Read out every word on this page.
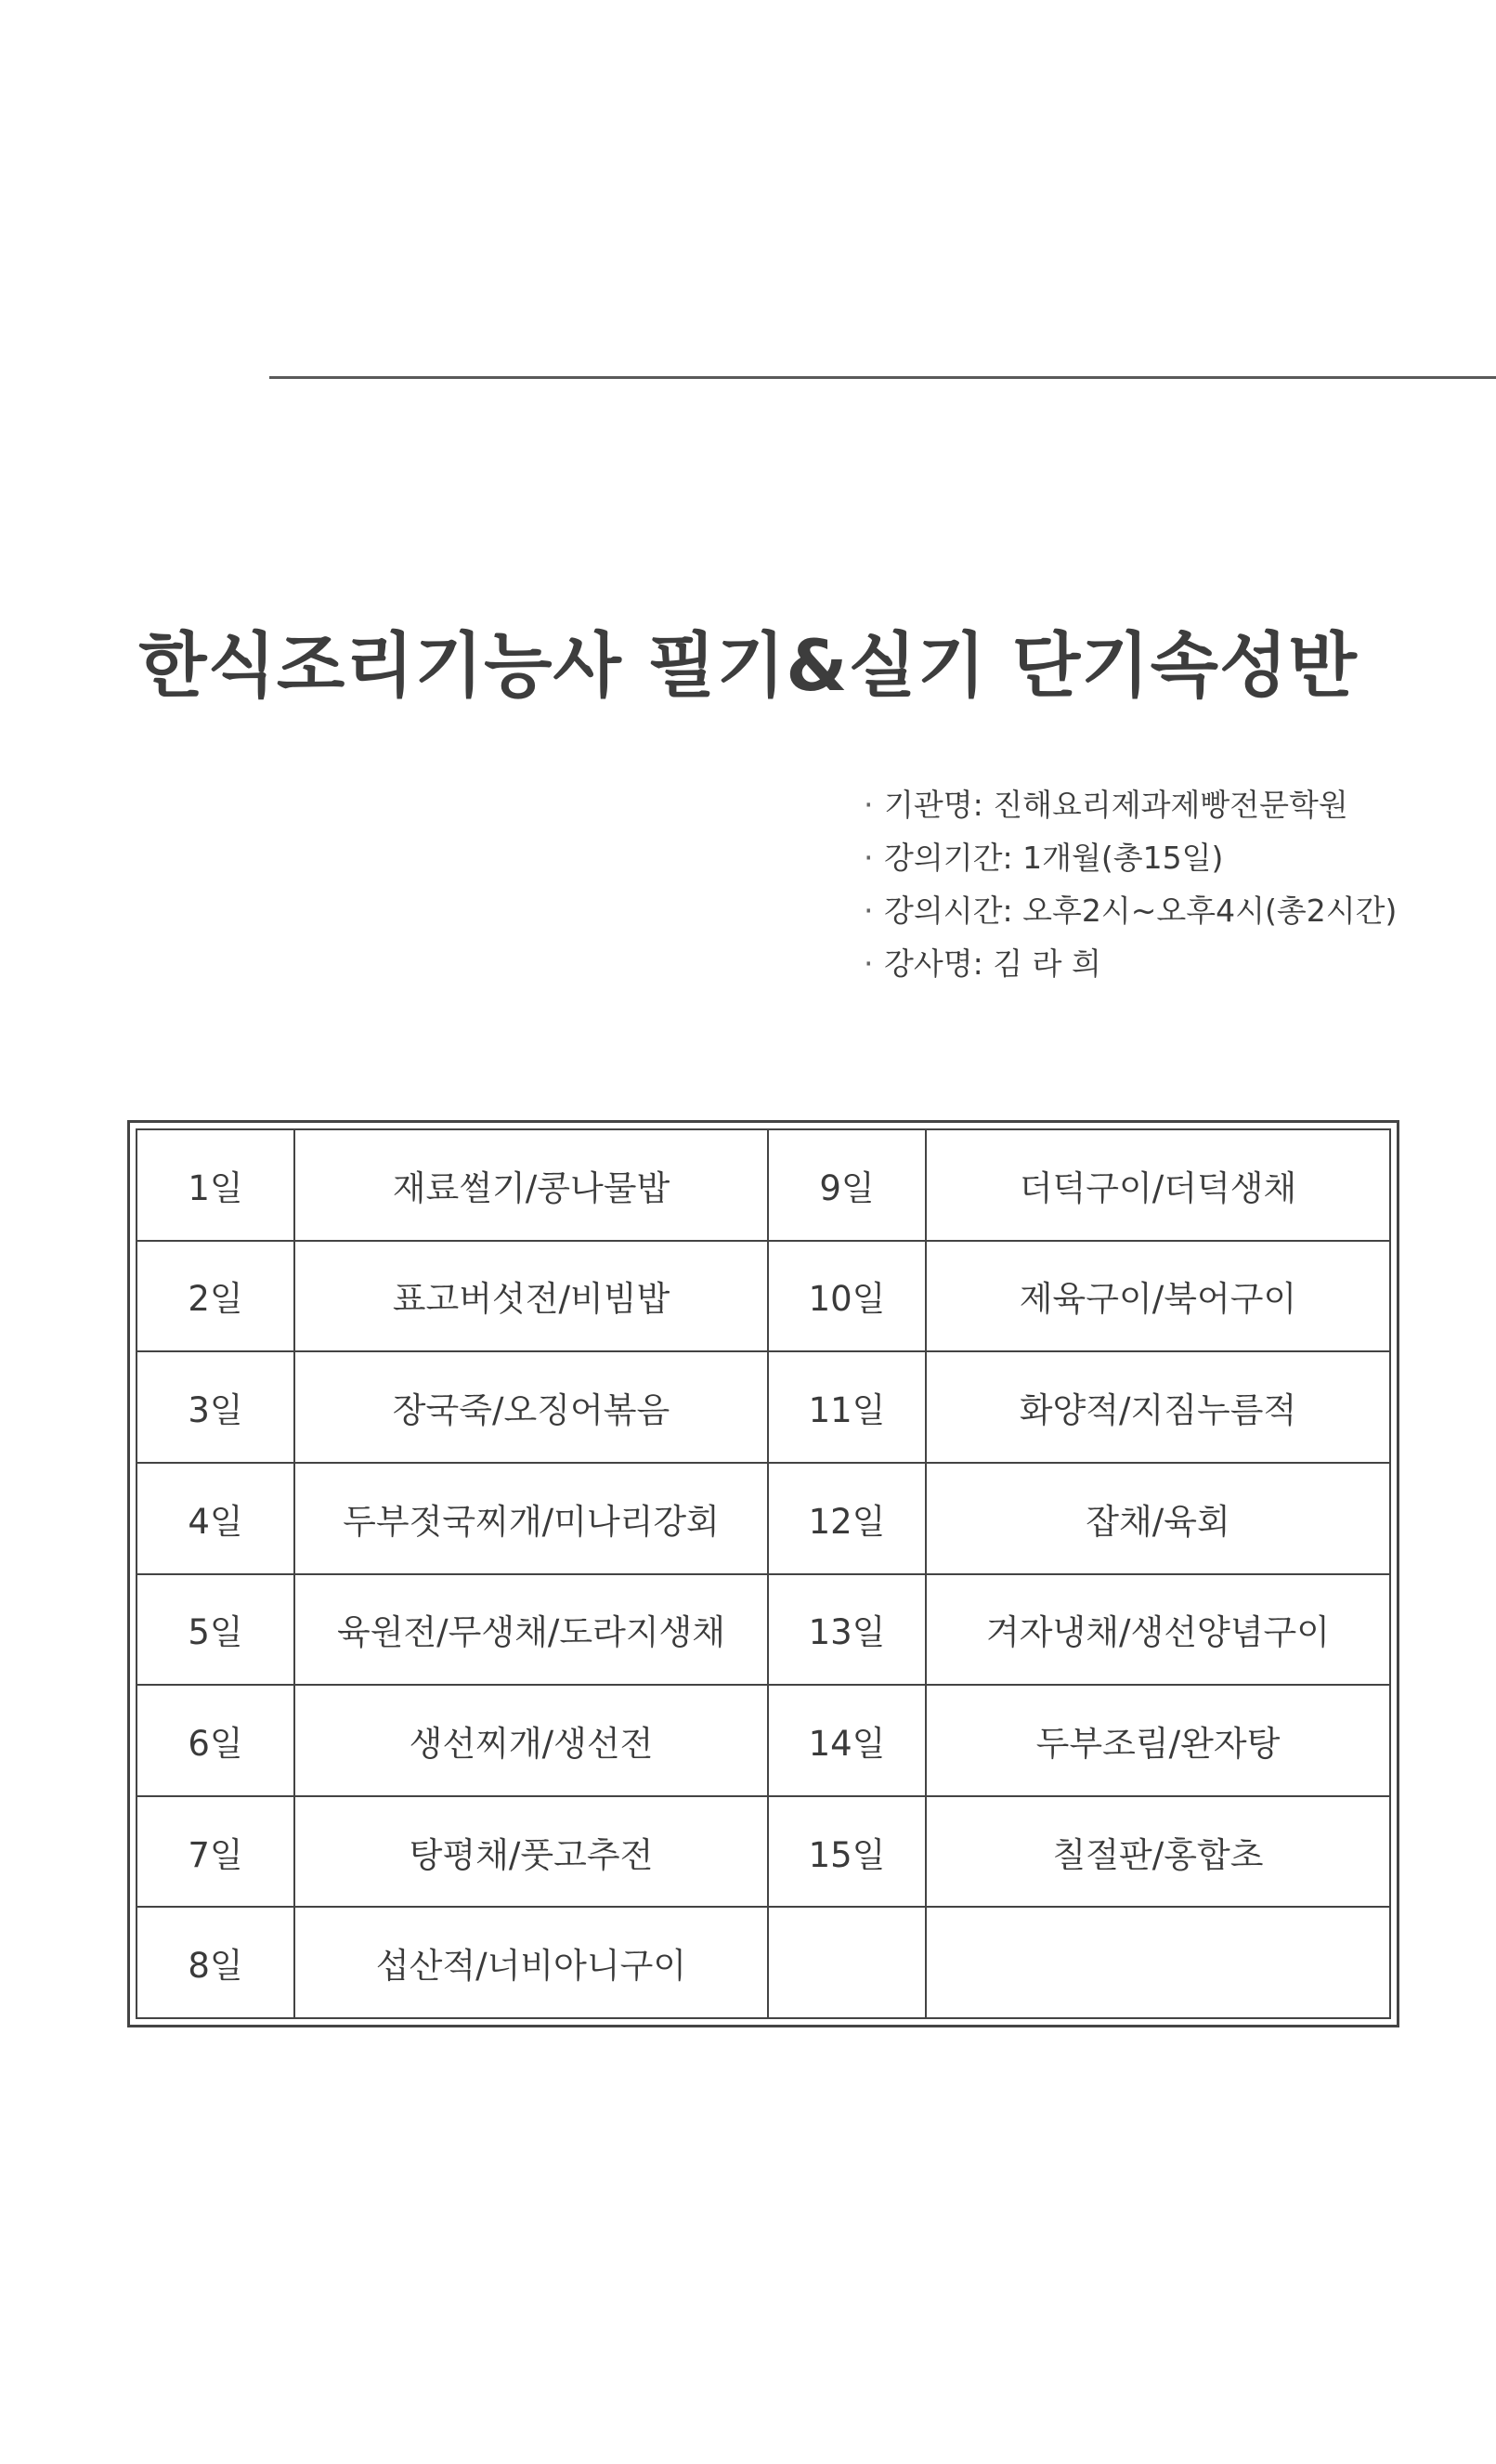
한식조리기능사 필기&실기 단기속성반
· 기관명: 진해요리제과제빵전문학원
· 강의기간: 1개월(총15일)
· 강의시간: 오후2시~오후4시(총2시간)
· 강사명: 김 라 희
1일	재료썰기/콩나물밥	9일	더덕구이/더덕생채
2일	표고버섯전/비빔밥	10일	제육구이/북어구이
3일	장국죽/오징어볶음	11일	화양적/지짐누름적
4일	두부젓국찌개/미나리강회	12일	잡채/육회
5일	육원전/무생채/도라지생채	13일	겨자냉채/생선양념구이
6일	생선찌개/생선전	14일	두부조림/완자탕
7일	탕평채/풋고추전	15일	칠절판/홍합초
8일	섭산적/너비아니구이		
